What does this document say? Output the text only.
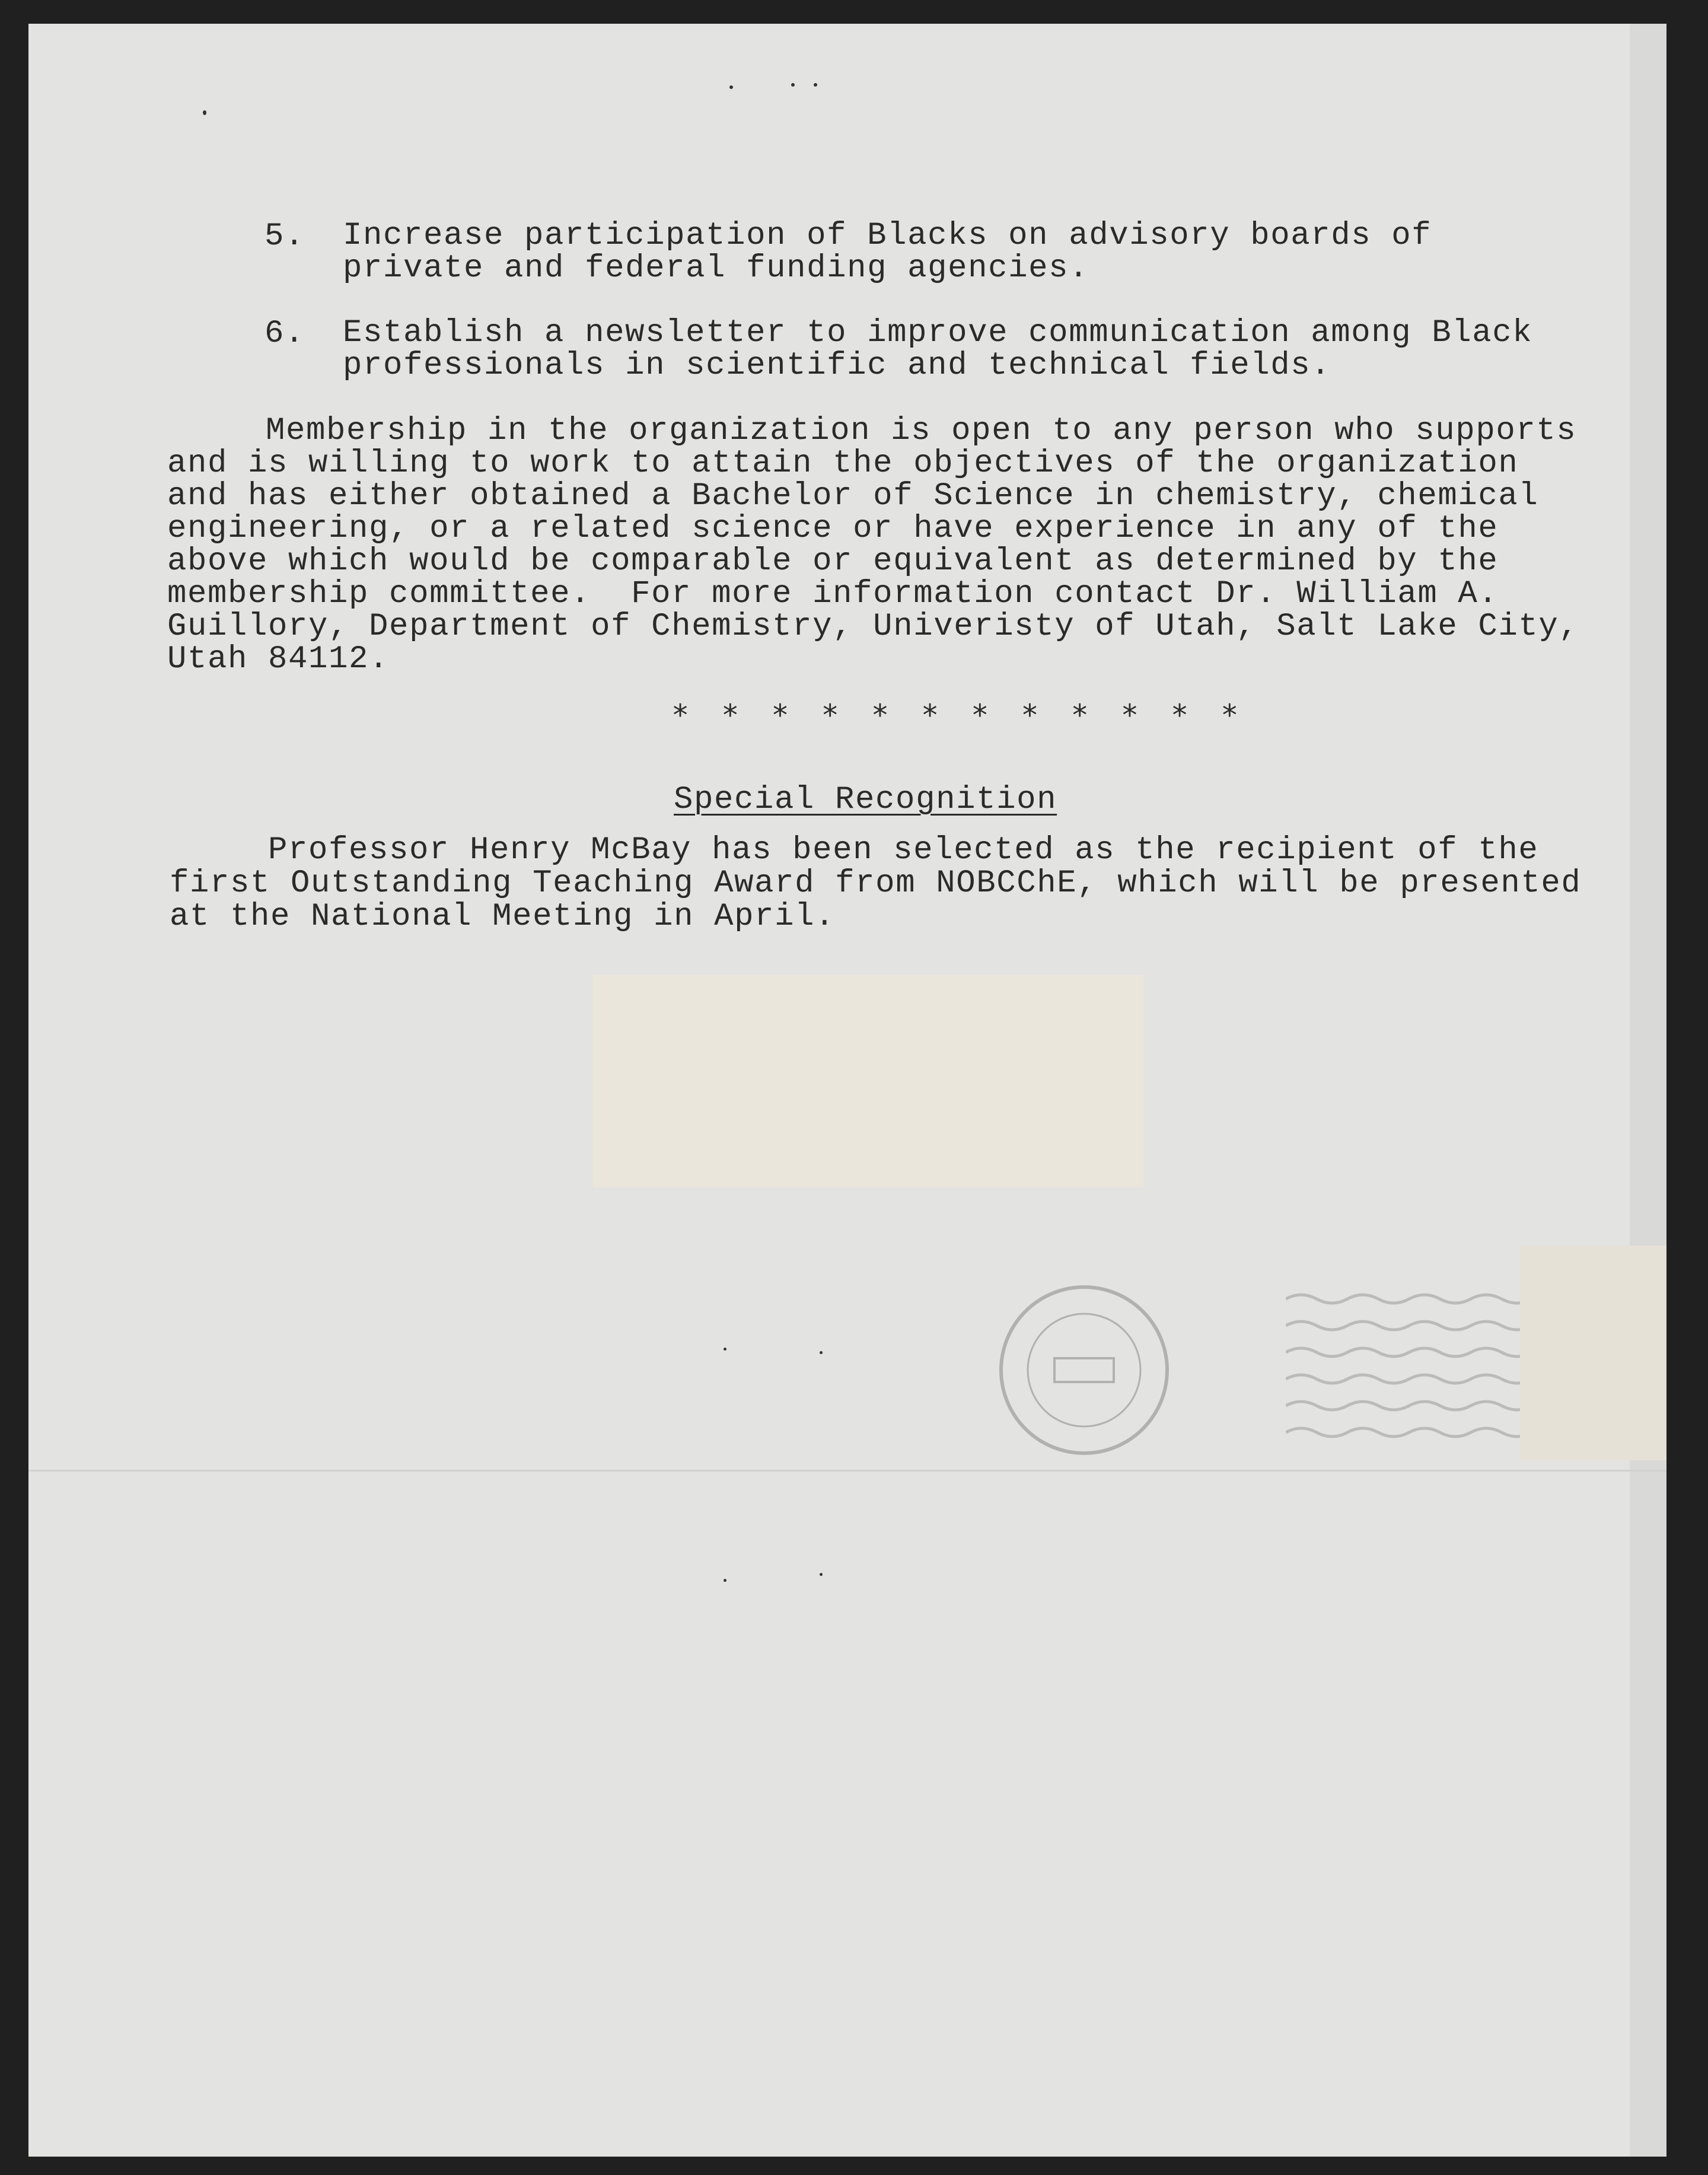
5. Increase participation of Blacks on advisory boards of
private and federal funding agencies.
6. Establish a newsletter to improve communication among Black
professionals in scientific and technical fields.
Membership in the organization is open to any person who supports
and is willing to work to attain the objectives of the organization
and has either obtained a Bachelor of Science in chemistry, chemical
engineering, or a related science or have experience in any of the
above which would be comparable or equivalent as determined by the
membership committee.  For more information contact Dr. William A.
Guillory, Department of Chemistry, Univeristy of Utah, Salt Lake City,
Utah 84112.
* * * * * * * * * * * *
Special Recognition
Professor Henry McBay has been selected as the recipient of the
first Outstanding Teaching Award from NOBCChE, which will be presented
at the National Meeting in April.
